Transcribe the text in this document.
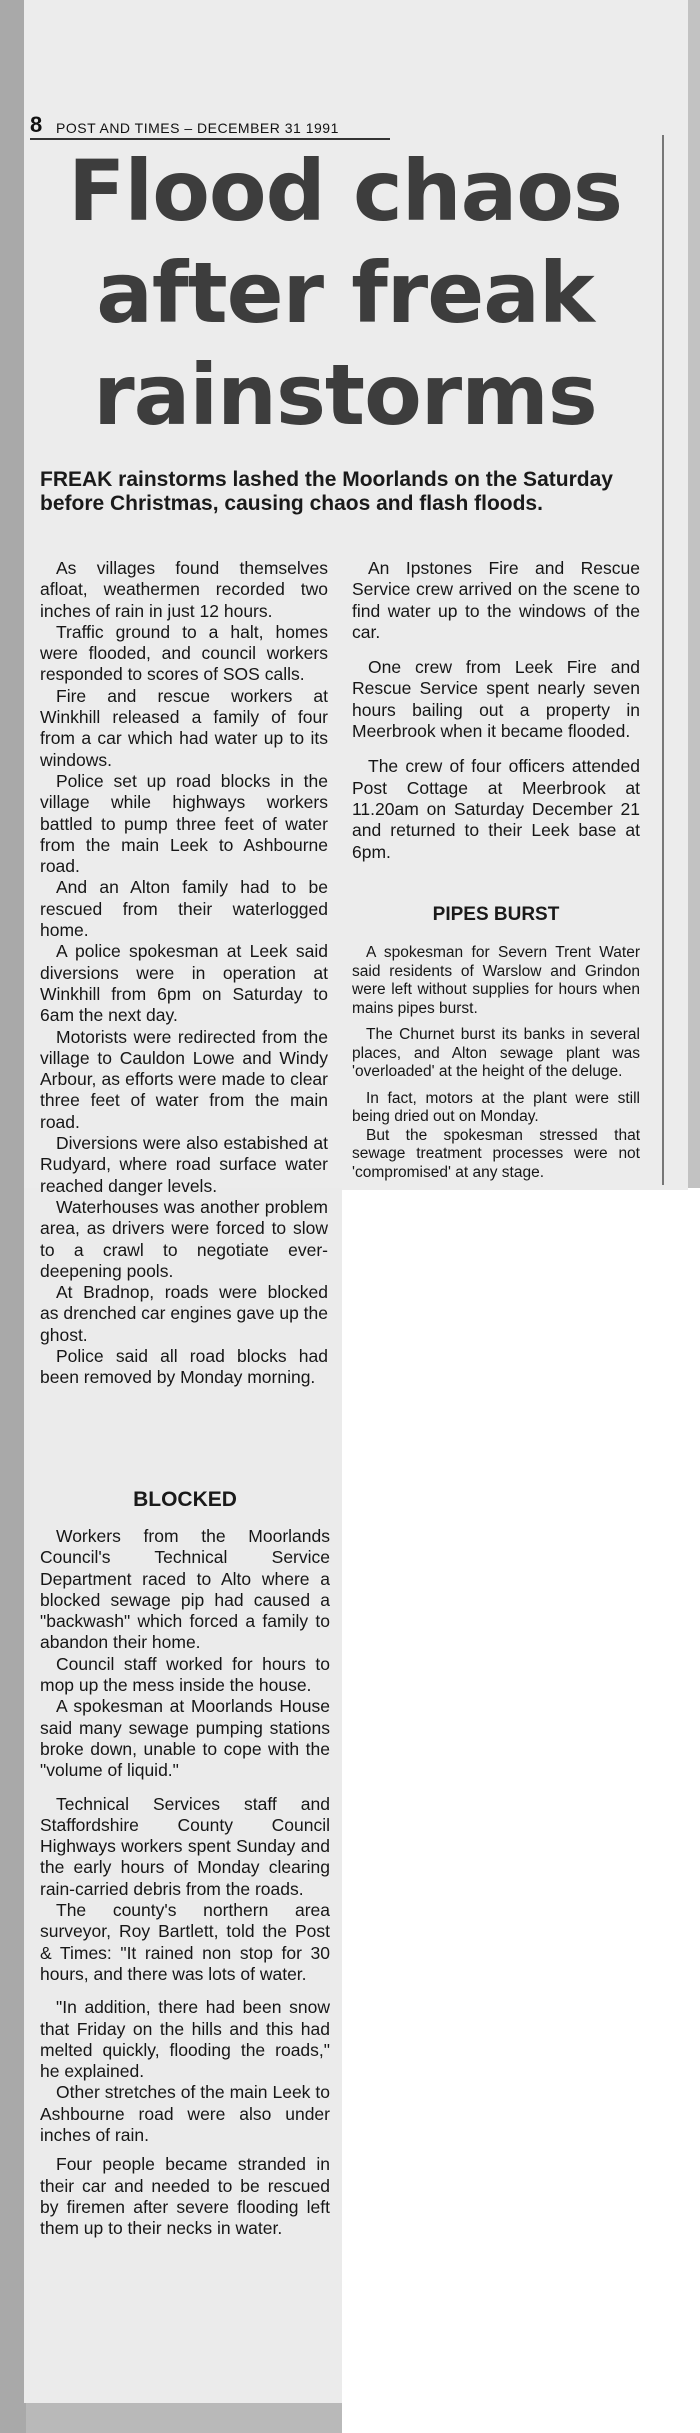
8 POST AND TIMES – DECEMBER 31 1991
Flood chaos
after freak
rainstorms
FREAK rainstorms lashed the Moorlands on the Saturday before Christmas, causing chaos and flash floods.

As villages found themselves afloat, weathermen recorded two inches of rain in just 12 hours.

Traffic ground to a halt, homes were flooded, and council workers responded to scores of SOS calls.

Fire and rescue workers at Winkhill released a family of four from a car which had water up to its windows.

Police set up road blocks in the village while highways workers battled to pump three feet of water from the main Leek to Ashbourne road.

And an Alton family had to be rescued from their waterlogged home.

A police spokesman at Leek said diversions were in operation at Winkhill from 6pm on Saturday to 6am the next day.

Motorists were redirected from the village to Cauldon Lowe and Windy Arbour, as efforts were made to clear three feet of water from the main road.

Diversions were also estabished at Rudyard, where road surface water reached danger levels.

Waterhouses was another problem area, as drivers were forced to slow to a crawl to negotiate ever-deepening pools.

At Bradnop, roads were blocked as drenched car engines gave up the ghost.

Police said all road blocks had been removed by Monday morning.

BLOCKED

Workers from the Moorlands Council's Technical Service Department raced to Alto where a blocked sewage pip had caused a "backwash" which forced a family to abandon their home.

Council staff worked for hours to mop up the mess inside the house.

A spokesman at Moorlands House said many sewage pumping stations broke down, unable to cope with the "volume of liquid."

Technical Services staff and Staffordshire County Council Highways workers spent Sunday and the early hours of Monday clearing rain-carried debris from the roads.

The county's northern area surveyor, Roy Bartlett, told the Post & Times: "It rained non stop for 30 hours, and there was lots of water.

"In addition, there had been snow that Friday on the hills and this had melted quickly, flooding the roads," he explained.

Other stretches of the main Leek to Ashbourne road were also under inches of rain.

Four people became stranded in their car and needed to be rescued by firemen after severe flooding left them up to their necks in water.

An Ipstones Fire and Rescue Service crew arrived on the scene to find water up to the windows of the car.

One crew from Leek Fire and Rescue Service spent nearly seven hours bailing out a property in Meerbrook when it became flooded.

The crew of four officers attended Post Cottage at Meerbrook at 11.20am on Saturday December 21 and returned to their Leek base at 6pm.

PIPES BURST

A spokesman for Severn Trent Water said residents of Warslow and Grindon were left without supplies for hours when mains pipes burst.

The Churnet burst its banks in several places, and Alton sewage plant was 'overloaded' at the height of the deluge.

In fact, motors at the plant were still being dried out on Monday.

But the spokesman stressed that sewage treatment processes were not 'compromised' at any stage.
